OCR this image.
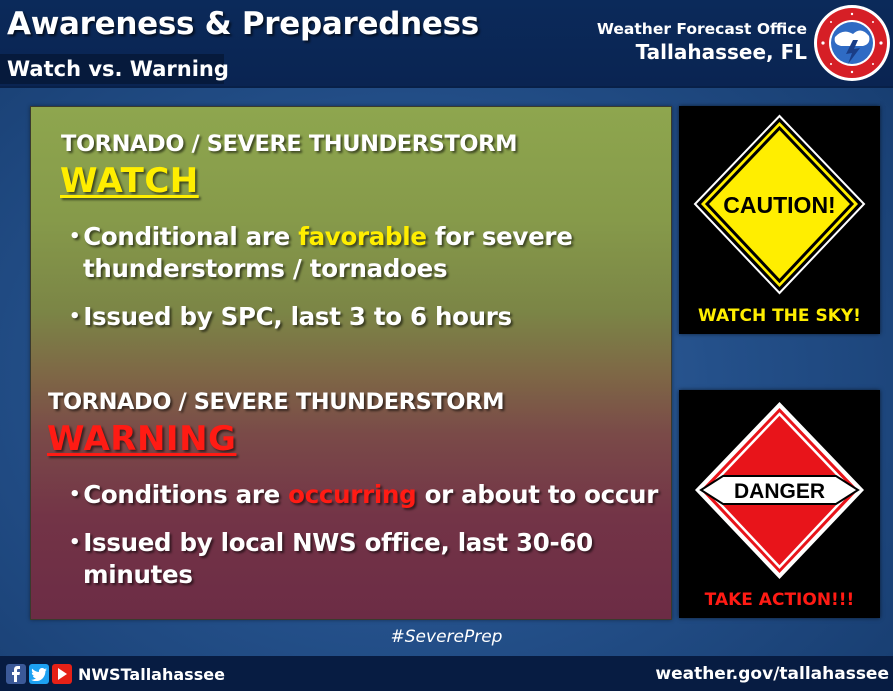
Awareness & Preparedness
Watch vs. Warning
Weather Forecast Office
Tallahassee, FL
TORNADO / SEVERE THUNDERSTORM
WATCH
• Conditional are favorable for severe
thunderstorms / tornadoes
• Issued by SPC, last 3 to 6 hours
TORNADO / SEVERE THUNDERSTORM
WARNING
• Conditions are occurring or about to occur
• Issued by local NWS office, last 30-60
minutes
CAUTION!
WATCH THE SKY!
DANGER
TAKE ACTION!!!
#SeverePrep
NWSTallahassee	weather.gov/tallahassee
